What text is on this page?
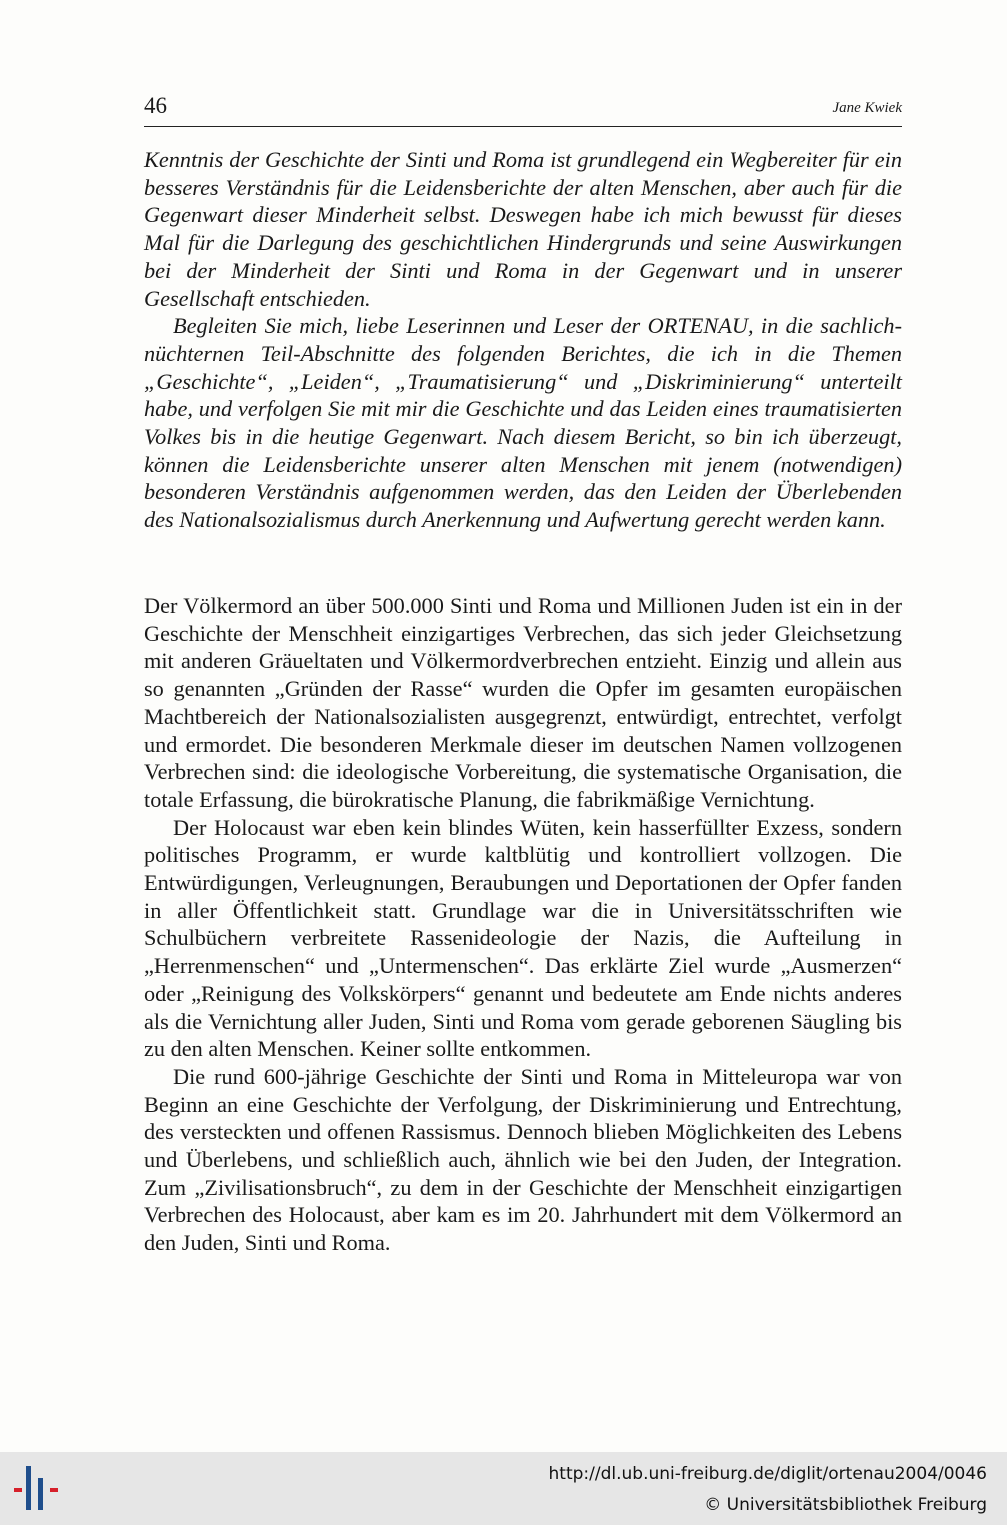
46	Jane Kwiek

Kenntnis der Geschichte der Sinti und Roma ist grundlegend ein Wegbereiter für ein besseres Verständnis für die Leidensberichte der alten Menschen, aber auch für die Gegenwart dieser Minderheit selbst. Deswegen habe ich mich bewusst für dieses Mal für die Darlegung des geschichtlichen Hindergrunds und seine Auswirkungen bei der Minderheit der Sinti und Roma in der Gegenwart und in unserer Gesellschaft entschieden.

Begleiten Sie mich, liebe Leserinnen und Leser der ORTENAU, in die sachlich-nüchternen Teil-Abschnitte des folgenden Berichtes, die ich in die Themen „Geschichte“, „Leiden“, „Traumatisierung“ und „Diskriminierung“ unterteilt habe, und verfolgen Sie mit mir die Geschichte und das Leiden eines traumatisierten Volkes bis in die heutige Gegenwart. Nach diesem Bericht, so bin ich überzeugt, können die Leidensberichte unserer alten Menschen mit jenem (notwendigen) besonderen Verständnis aufgenommen werden, das den Leiden der Überlebenden des Nationalsozialismus durch Anerkennung und Aufwertung gerecht werden kann.

Der Völkermord an über 500.000 Sinti und Roma und Millionen Juden ist ein in der Geschichte der Menschheit einzigartiges Verbrechen, das sich jeder Gleichsetzung mit anderen Gräueltaten und Völkermordverbrechen entzieht. Einzig und allein aus so genannten „Gründen der Rasse“ wurden die Opfer im gesamten europäischen Machtbereich der Nationalsozialisten ausgegrenzt, entwürdigt, entrechtet, verfolgt und ermordet. Die besonderen Merkmale dieser im deutschen Namen vollzogenen Verbrechen sind: die ideologische Vorbereitung, die systematische Organisation, die totale Erfassung, die bürokratische Planung, die fabrikmäßige Vernichtung.

Der Holocaust war eben kein blindes Wüten, kein hasserfüllter Exzess, sondern politisches Programm, er wurde kaltblütig und kontrolliert vollzogen. Die Entwürdigungen, Verleugnungen, Beraubungen und Deportationen der Opfer fanden in aller Öffentlichkeit statt. Grundlage war die in Universitätsschriften wie Schulbüchern verbreitete Rassenideologie der Nazis, die Aufteilung in „Herrenmenschen“ und „Untermenschen“. Das erklärte Ziel wurde „Ausmerzen“ oder „Reinigung des Volkskörpers“ genannt und bedeutete am Ende nichts anderes als die Vernichtung aller Juden, Sinti und Roma vom gerade geborenen Säugling bis zu den alten Menschen. Keiner sollte entkommen.

Die rund 600-jährige Geschichte der Sinti und Roma in Mitteleuropa war von Beginn an eine Geschichte der Verfolgung, der Diskriminierung und Entrechtung, des versteckten und offenen Rassismus. Dennoch blieben Möglichkeiten des Lebens und Überlebens, und schließlich auch, ähnlich wie bei den Juden, der Integration. Zum „Zivilisationsbruch“, zu dem in der Geschichte der Menschheit einzigartigen Verbrechen des Holocaust, aber kam es im 20. Jahrhundert mit dem Völkermord an den Juden, Sinti und Roma.

http://dl.ub.uni-freiburg.de/diglit/ortenau2004/0046
© Universitätsbibliothek Freiburg
